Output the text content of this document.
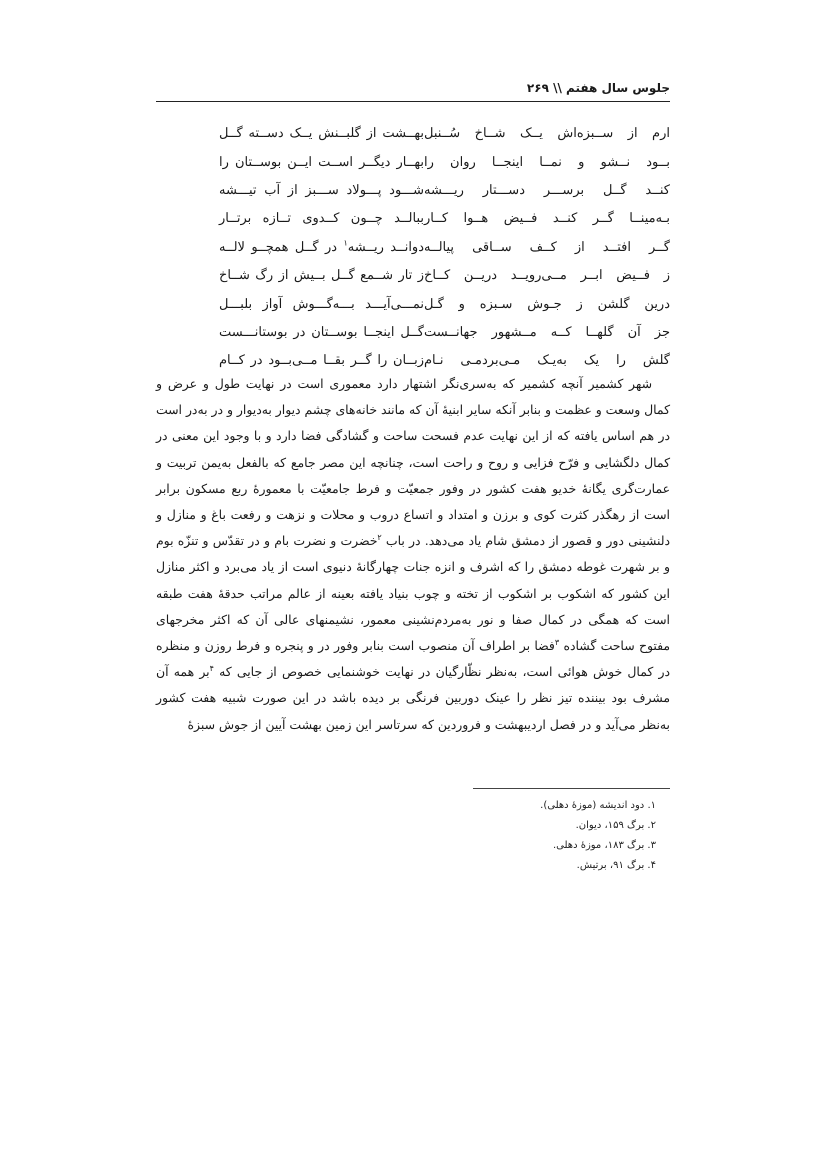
جلوس سال هفتم \\ ۲۶۹
ارم از ســبزه‌اش یــک شــاخ سُــنبل
بهــشت از گلبــنش یــک دســته گــل
بــود نــشو و نمــا اینجــا روان را
بهــار دیگــر اســت ایــن بوســتان را
کنــد گــل برســـر دســـتار ریـــشه
شـــود پـــولاد ســـبز از آب تیـــشه
بـه‌مینــا گــر کنــد فــیض هــوا کــار
ببالــد چــون کــدوی تــازه برتــار
گــر افتــد از کــف ســاقی پیالــه
دوانــد ریــشه$^۱$ در گــل همچــو لالــه
ز فــیض ابــر مــی‌رویــد دریــن کــاخ
ز تار شــمع گــل بــیش از رگ شــاخ
درین گلشن ز جـوش سـبزه و گـل
نمـــی‌آیـــد بـــه‌گـــوش آواز بلبـــل
جز آن گلهــا کــه مــشهور جهانــست
گــل اینجــا بوســتان در بوستانـــست
گلش را یک به‌یـک مـی‌بردمـی نـام
زبــان را گــر بقــا مــی‌بــود در کــام

شهر کشمیر آنچه کشمیر که به‌سری‌نگر اشتهار دارد معموری است در نهایت طول و عرض و کمال وسعت و عظمت و بنابر آنکه سایر ابنیهٔ آن که مانند خانه‌های چشم دیوار به‌دیوار و در به‌در است در هم اساس یافته که از این نهایت عدم فسحت ساحت و گشادگی فضا دارد و با وجود این معنی در کمال دلگشایی و فرّح فزایی و روح و راحت است، چنانچه این مصر جامع که بالفعل به‌یمن تربیت و عمارت‌گری یگانهٔ خدیو هفت کشور در وفور جمعیّت و فرط جامعیّت با معمورهٔ ربع مسکون برابر است از رهگذر کثرت کوی و برزن و امتداد و اتساع دروب و محلات و نزهت و رفعت باغ و منازل و دلنشینی دور و قصور از دمشق شام یاد می‌دهد. در باب $^۲$خضرت و نضرت بام و در تقدّس و تنزّه بوم و بر شهرت غوطه دمشق را که اشرف و انزه جنات چهارگانهٔ دنیوی است از یاد می‌برد و اکثر منازل این کشور که اشکوب بر اشکوب از تخته و چوب بنیاد یافته بعینه از عالم مراتب حدقهٔ هفت طبقه است که همگی در کمال صفا و نور به‌مردم‌نشینی معمور، نشیمنهای عالی آن که اکثر مخرجهای مفتوح ساحت گشاده $^۳$فضا بر اطراف آن منصوب است بنابر وفور در و پنجره و فرط روزن و منظره در کمال خوش هوائی است، به‌نظر نظّارگیان در نهایت خوشنمایی خصوص از جایی که $^۴$بر همه آن مشرف بود بیننده تیز نظر را عینک دوربین فرنگی بر دیده باشد در این صورت شبیه هفت کشور به‌نظر می‌آید و در فصل اردیبهشت و فروردین که سرتاسر این زمین بهشت آیین از جوش سبزهٔ

۱. دود اندیشه (موزهٔ دهلی).
۲. برگ ۱۵۹، دیوان.
۳. برگ ۱۸۳، موزهٔ دهلی.
۴. برگ ۹۱، برتیش.
